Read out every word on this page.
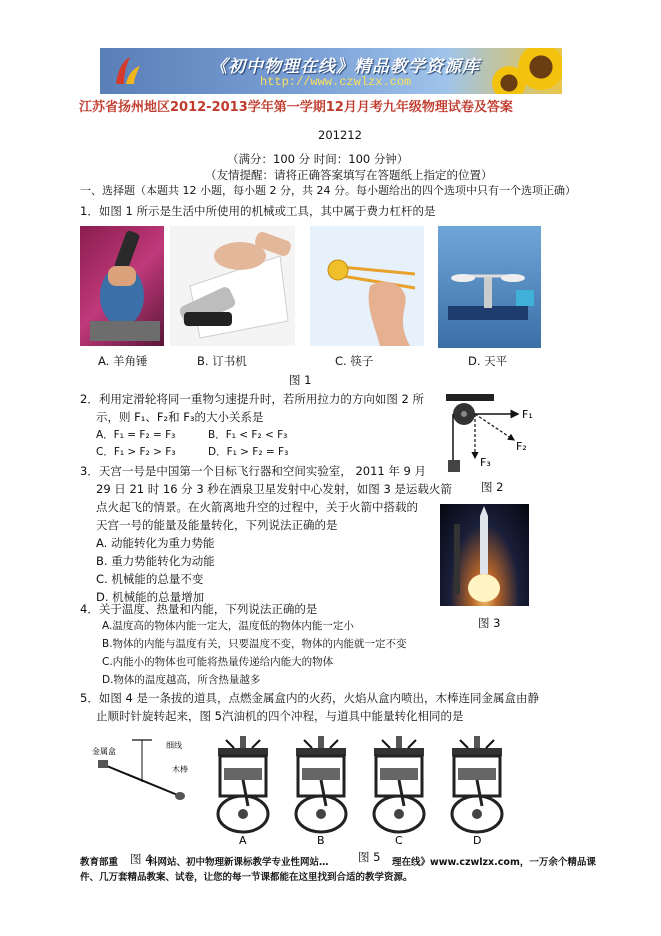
《初中物理在线》精品教学资源库
http://www.czwlzx.com
江苏省扬州地区2012-2013学年第一学期12月月考九年级物理试卷及答案
201212
（满分：100 分 时间：100 分钟）
（友情提醒：请将正确答案填写在答题纸上指定的位置）
一、选择题（本题共 12 小题，每小题 2 分，共 24 分。每小题给出的四个选项中只有一个选项正确）
1．如图 1 所示是生活中所使用的机械或工具，其中属于费力杠杆的是
A. 羊角锤	B. 订书机	C. 筷子	D. 天平
图 1
2．利用定滑轮将同一重物匀速提升时，若所用拉力的方向如图 2 所
示，则 F₁、F₂和 F₃的大小关系是
A．F₁ = F₂ = F₃	B．F₁ < F₂ < F₃
C．F₁ > F₂ > F₃	D．F₁ > F₂ = F₃
F₁
F₂
F₃
图 2
3．天宫一号是中国第一个目标飞行器和空间实验室， 2011 年 9 月
29 日 21 时 16 分 3 秒在酒泉卫星发射中心发射，如图 3 是运载火箭
点火起飞的情景。在火箭离地升空的过程中，关于火箭中搭载的
天宫一号的能量及能量转化，下列说法正确的是
A. 动能转化为重力势能
B. 重力势能转化为动能
C. 机械能的总量不变
D. 机械能的总量增加
图 3
4．关于温度、热量和内能，下列说法正确的是
A.温度高的物体内能一定大，温度低的物体内能一定小
B.物体的内能与温度有关，只要温度不变，物体的内能就一定不变
C.内能小的物体也可能将热量传递给内能大的物体
D.物体的温度越高，所含热量越多
5．如图 4 是一条拔的道具，点燃金属盒内的火药，火焰从盒内喷出，木棒连同金属盒由静
止顺时针旋转起来，图 5汽油机的四个冲程，与道具中能量转化相同的是
金属盒
细线
木棒
A	B	C	D
图 4	图 5
教育部重	科网站、初中物理新课标教学专业性网站…	理在线》www.czwlzx.com，一万余个精品课
件、几万套精品教案、试卷，让您的每一节课都能在这里找到合适的教学资源。
